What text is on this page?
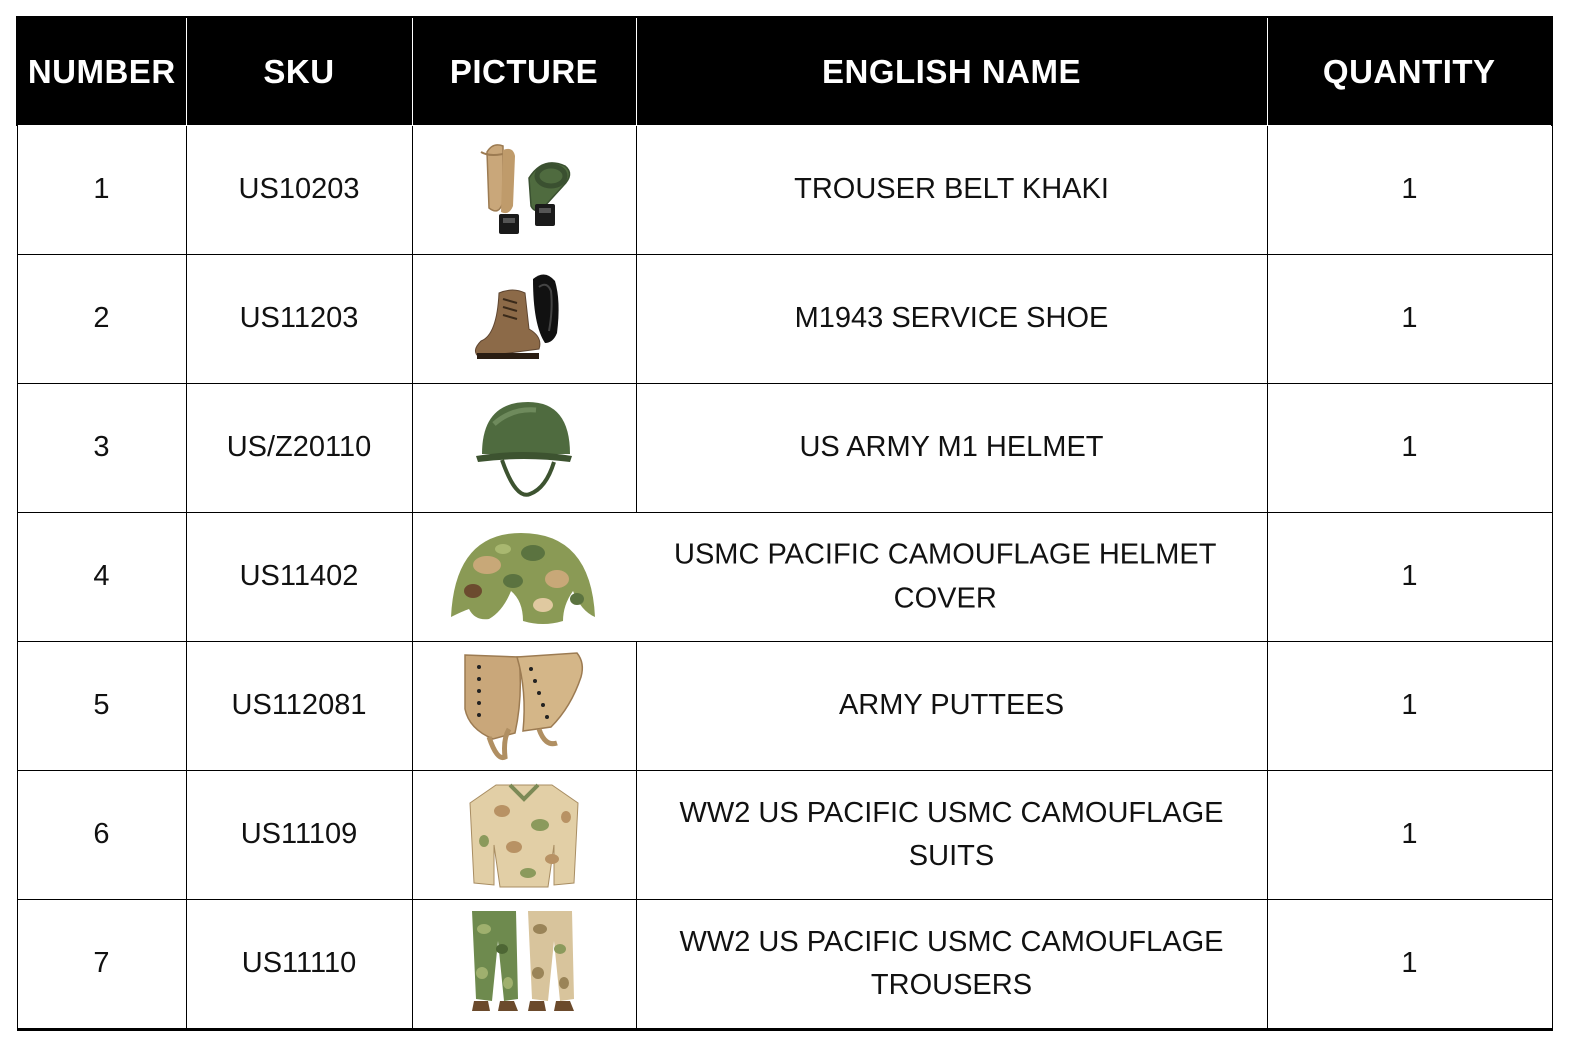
NUMBER	SKU	PICTURE	ENGLISH NAME	QUANTITY
1	US10203		TROUSER BELT KHAKI	1
2	US11203		M1943 SERVICE SHOE	1
3	US/Z20110		US ARMY M1 HELMET	1
4	US11402		USMC PACIFIC CAMOUFLAGE HELMET COVER	1
5	US112081		ARMY PUTTEES	1
6	US11109		WW2 US PACIFIC USMC CAMOUFLAGE SUITS	1
7	US11110		WW2 US PACIFIC USMC CAMOUFLAGE TROUSERS	1
